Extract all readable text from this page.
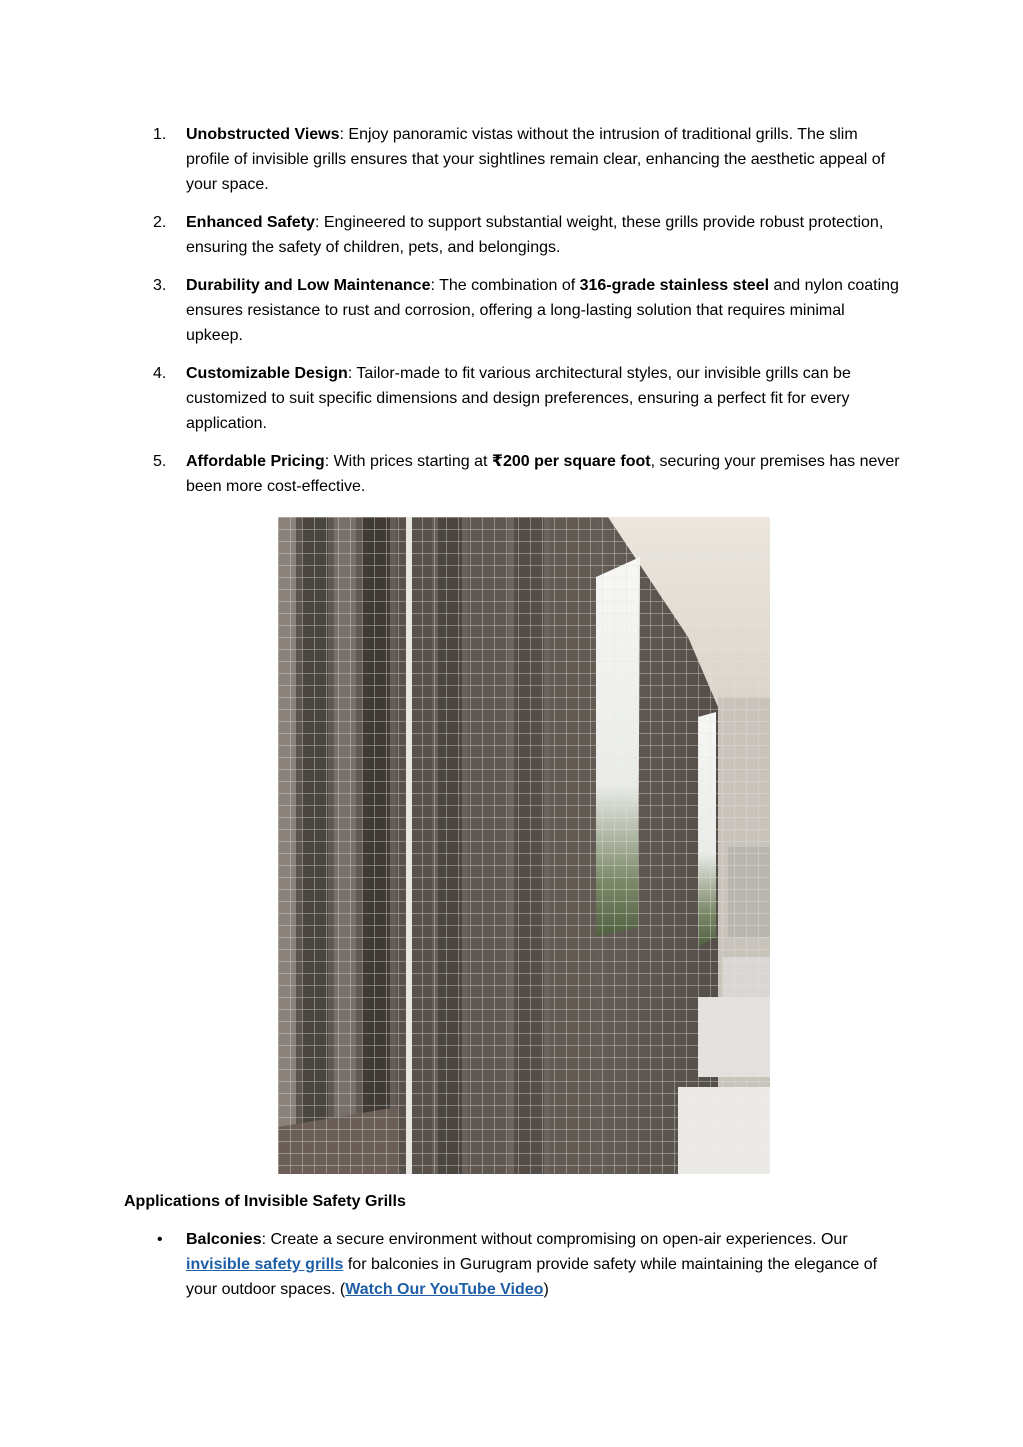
1.	Unobstructed Views: Enjoy panoramic vistas without the intrusion of traditional grills. The slim profile of invisible grills ensures that your sightlines remain clear, enhancing the aesthetic appeal of your space.
2.	Enhanced Safety: Engineered to support substantial weight, these grills provide robust protection, ensuring the safety of children, pets, and belongings.
3.	Durability and Low Maintenance: The combination of 316-grade stainless steel and nylon coating ensures resistance to rust and corrosion, offering a long-lasting solution that requires minimal upkeep.
4.	Customizable Design: Tailor-made to fit various architectural styles, our invisible grills can be customized to suit specific dimensions and design preferences, ensuring a perfect fit for every application.
5.	Affordable Pricing: With prices starting at ₹200 per square foot, securing your premises has never been more cost-effective.
Applications of Invisible Safety Grills
• Balconies: Create a secure environment without compromising on open-air experiences. Our invisible safety grills for balconies in Gurugram provide safety while maintaining the elegance of your outdoor spaces. (Watch Our YouTube Video)
